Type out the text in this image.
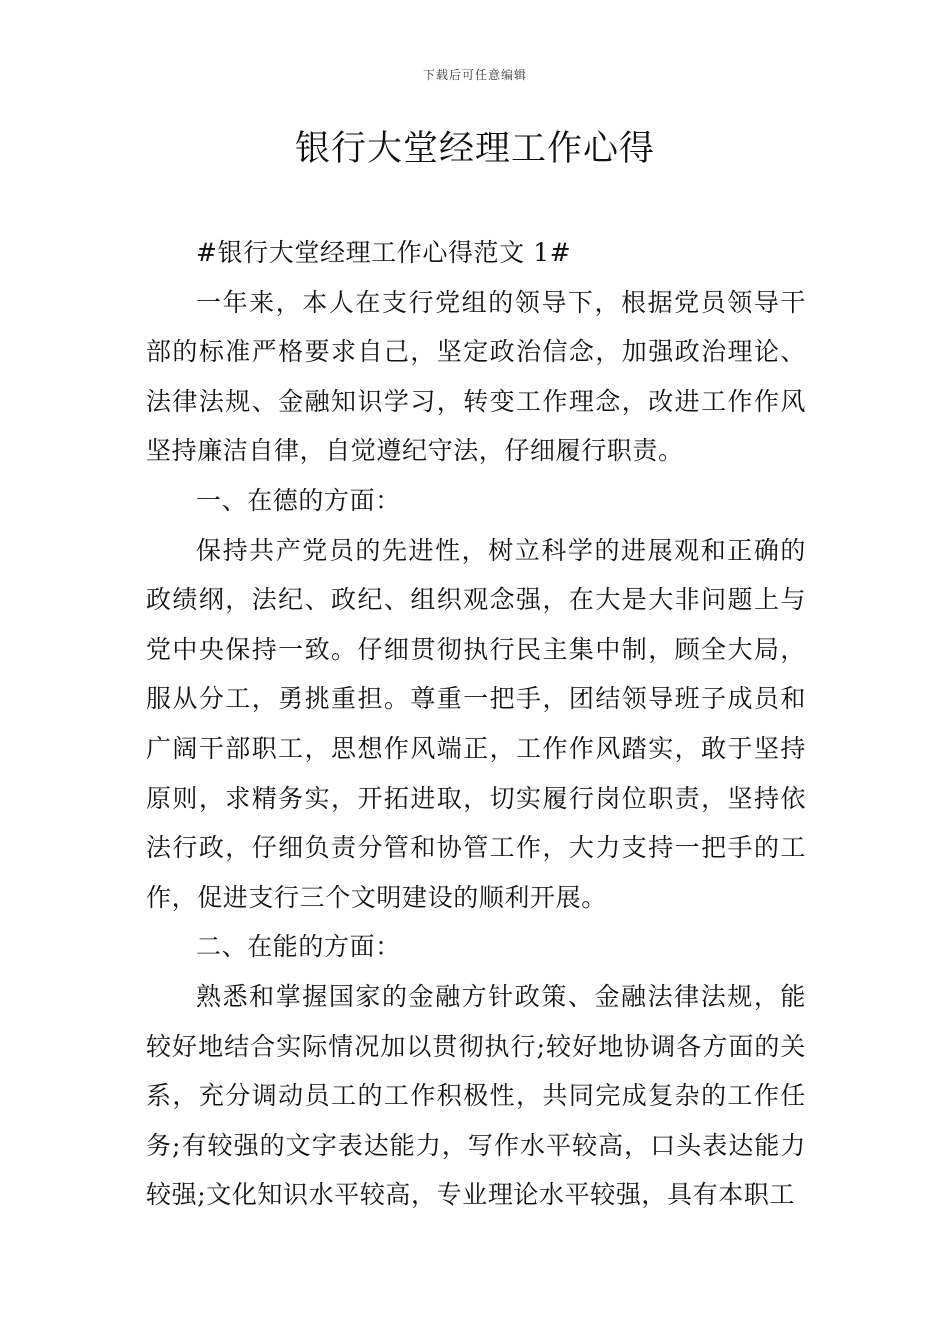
下载后可任意编辑
银行大堂经理工作心得

#银行大堂经理工作心得范文 1#

一年来，本人在支行党组的领导下，根据党员领导干部的标准严格要求自己，坚定政治信念，加强政治理论、法律法规、金融知识学习，转变工作理念，改进工作作风坚持廉洁自律，自觉遵纪守法，仔细履行职责。

一、在德的方面：

保持共产党员的先进性，树立科学的进展观和正确的政绩纲，法纪、政纪、组织观念强，在大是大非问题上与党中央保持一致。仔细贯彻执行民主集中制，顾全大局，服从分工，勇挑重担。尊重一把手，团结领导班子成员和广阔干部职工，思想作风端正，工作作风踏实，敢于坚持原则，求精务实，开拓进取，切实履行岗位职责，坚持依法行政，仔细负责分管和协管工作，大力支持一把手的工作，促进支行三个文明建设的顺利开展。

二、在能的方面：

熟悉和掌握国家的金融方针政策、金融法律法规，能较好地结合实际情况加以贯彻执行;较好地协调各方面的关系，充分调动员工的工作积极性，共同完成复杂的工作任务;有较强的文字表达能力，写作水平较高，口头表达能力较强;文化知识水平较高，专业理论水平较强，具有本职工
